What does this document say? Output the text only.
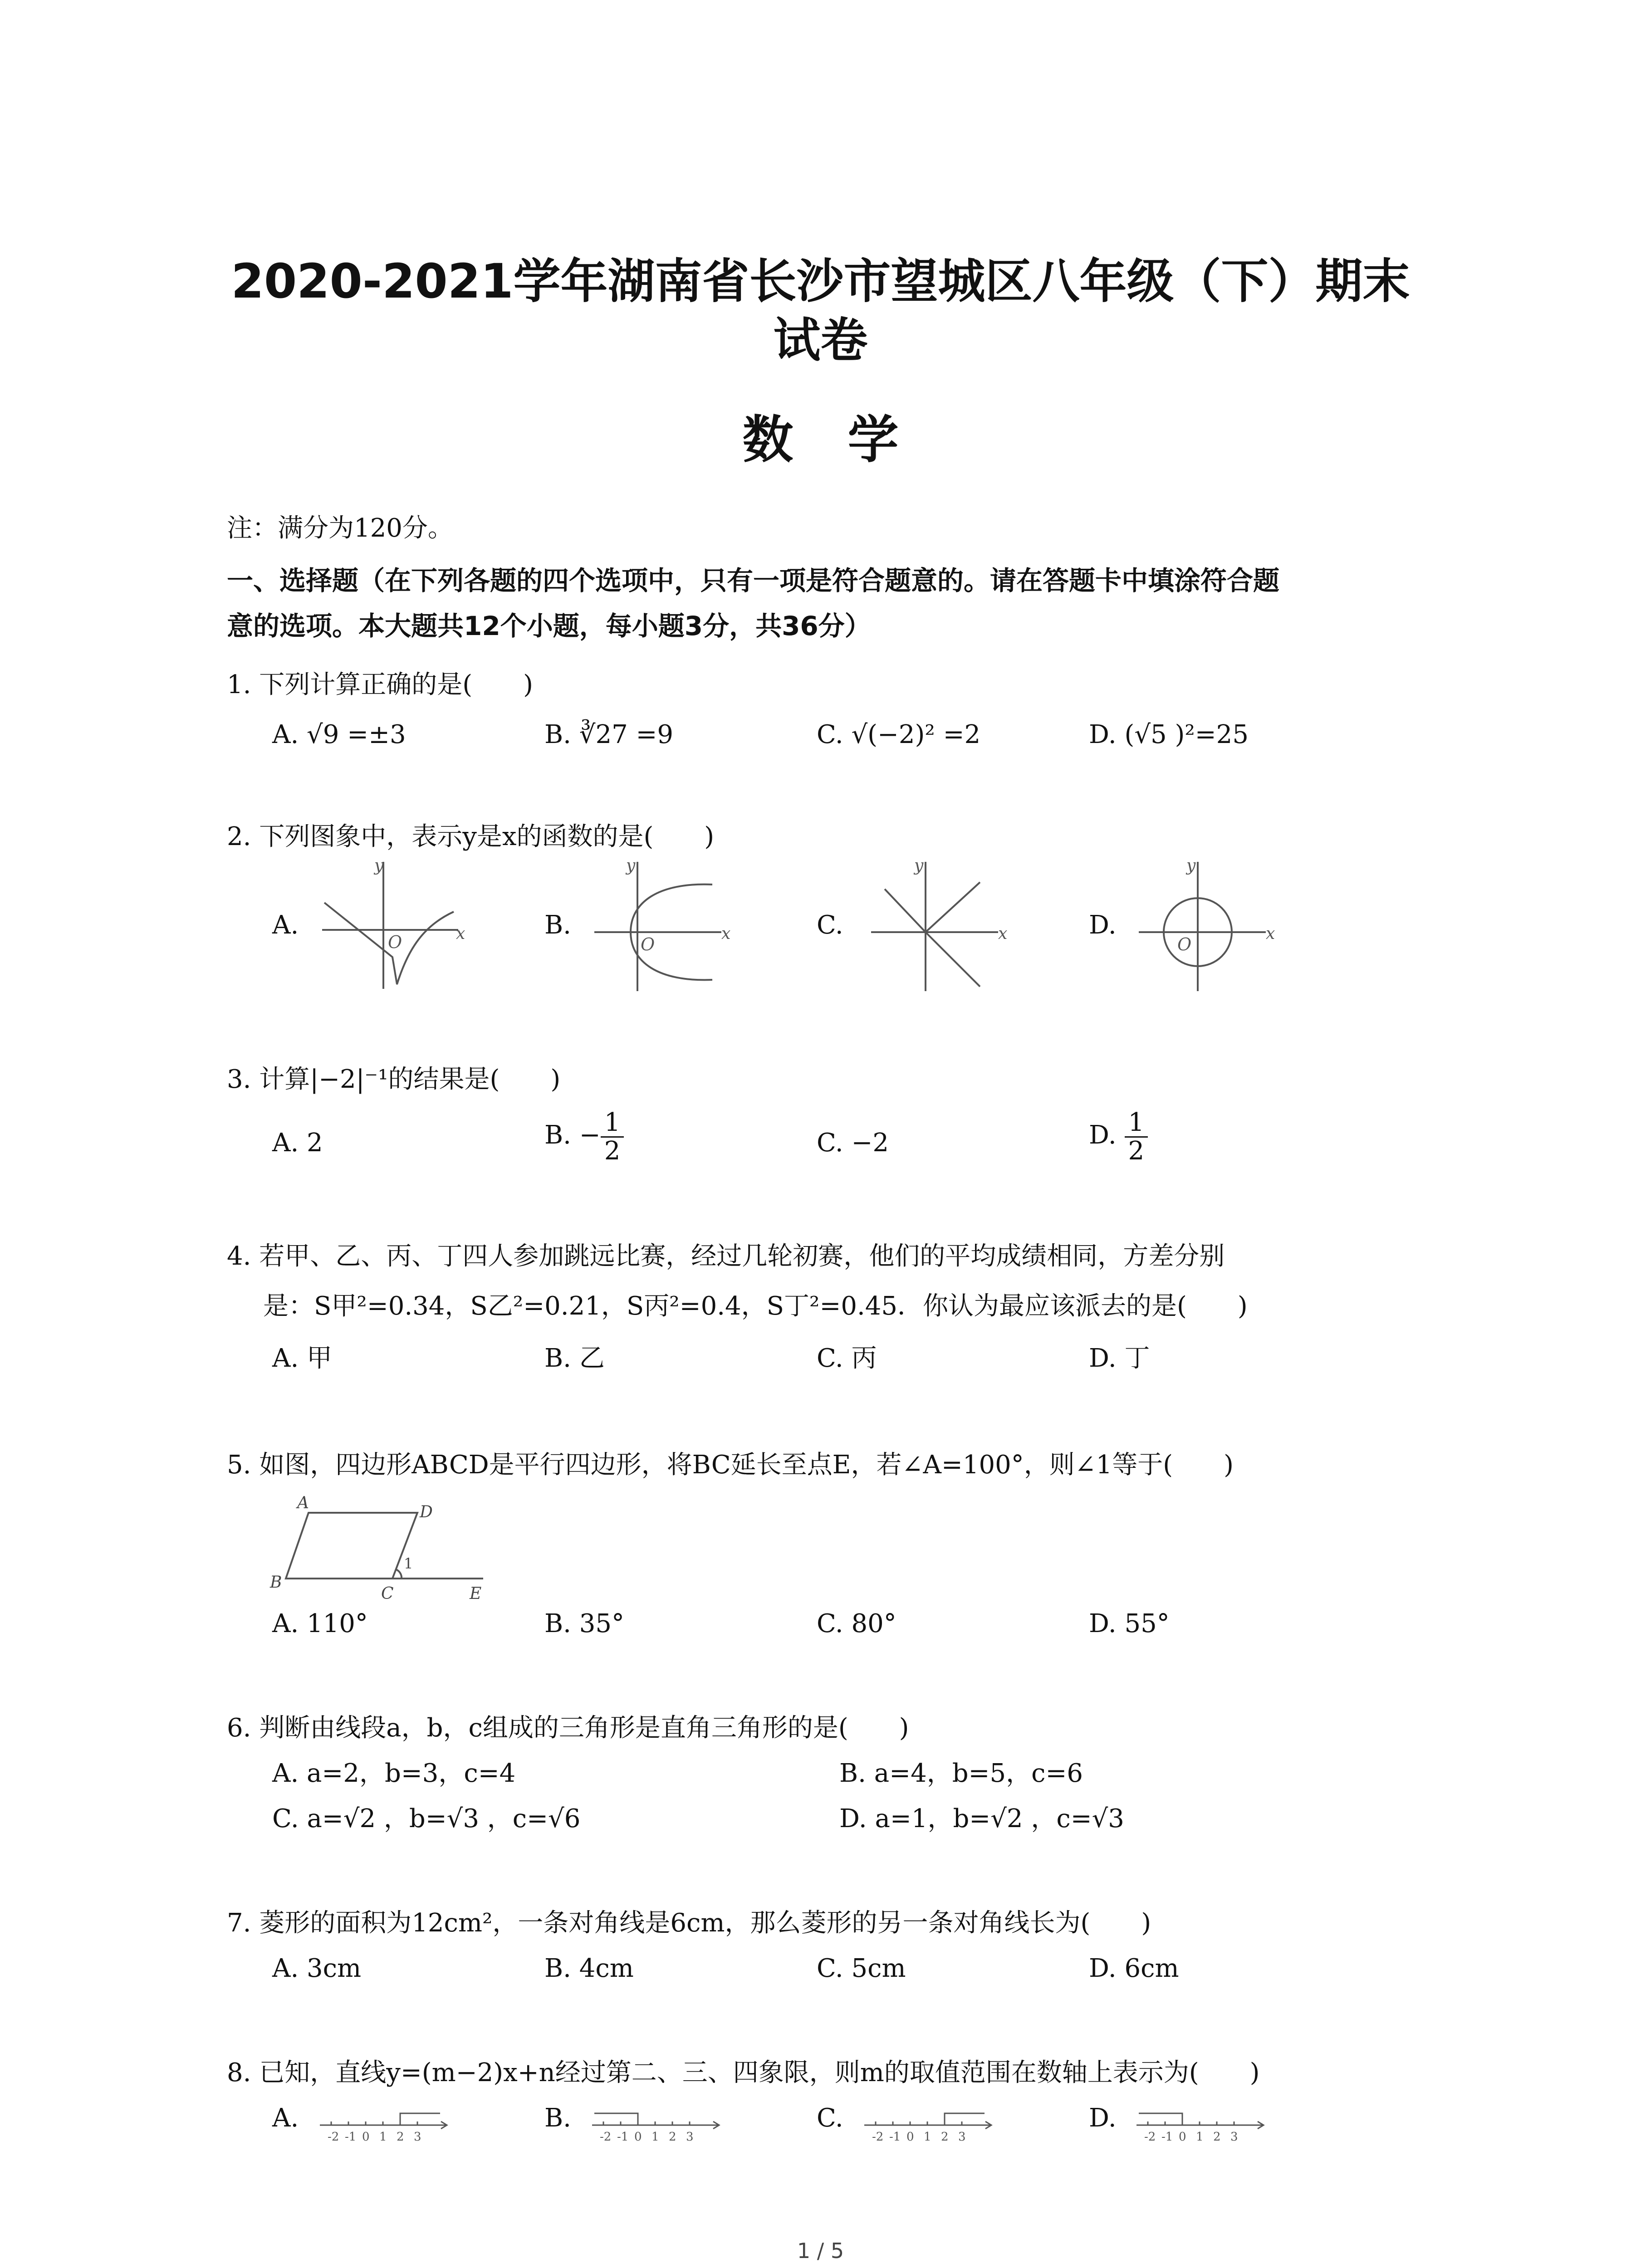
2020-2021学年湖南省长沙市望城区八年级（下）期末
试卷
数学
注：满分为120分。
一、选择题（在下列各题的四个选项中，只有一项是符合题意的。请在答题卡中填涂符合题
意的选项。本大题共12个小题，每小题3分，共36分）
1. 下列计算正确的是(　　)
A. √9 =±3	B. ∛27 =9	C. √(−2)² =2	D. (√5 )²=25
2. 下列图象中，表示y是x的函数的是(　　)
A.	B.	C.	D.
y
x
O
y
x
O
y
x
y
x
O
3. 计算|−2|⁻¹的结果是(　　)
A. 2	B. − $\frac{1}{2}$	C. −2	D. $\frac{1}{2}$
4. 若甲、乙、丙、丁四人参加跳远比赛，经过几轮初赛，他们的平均成绩相同，方差分别
是：S甲²=0.34，S乙²=0.21，S丙²=0.4，S丁²=0.45．你认为最应该派去的是(　　)
A. 甲	B. 乙	C. 丙	D. 丁
5. 如图，四边形ABCD是平行四边形，将BC延长至点E，若∠A=100°，则∠1等于(　　)
A	D
B
C	E
1
A. 110°	B. 35°	C. 80°	D. 55°
6. 判断由线段a，b，c组成的三角形是直角三角形的是(　　)
A. a=2，b=3，c=4	B. a=4，b=5，c=6
C. a=√2 ，b=√3 ，c=√6	D. a=1，b=√2 ，c=√3
7. 菱形的面积为12cm²，一条对角线是6cm，那么菱形的另一条对角线长为(　　)
A. 3cm	B. 4cm	C. 5cm	D. 6cm
8. 已知，直线y=(m−2)x+n经过第二、三、四象限，则m的取值范围在数轴上表示为(　　)
A.	B.	C.	D.
-2 -1 0 1 2 3	-2 -1 0 1 2 3	-2 -1 0 1 2 3	-2 -1 0 1 2 3
1 / 5
